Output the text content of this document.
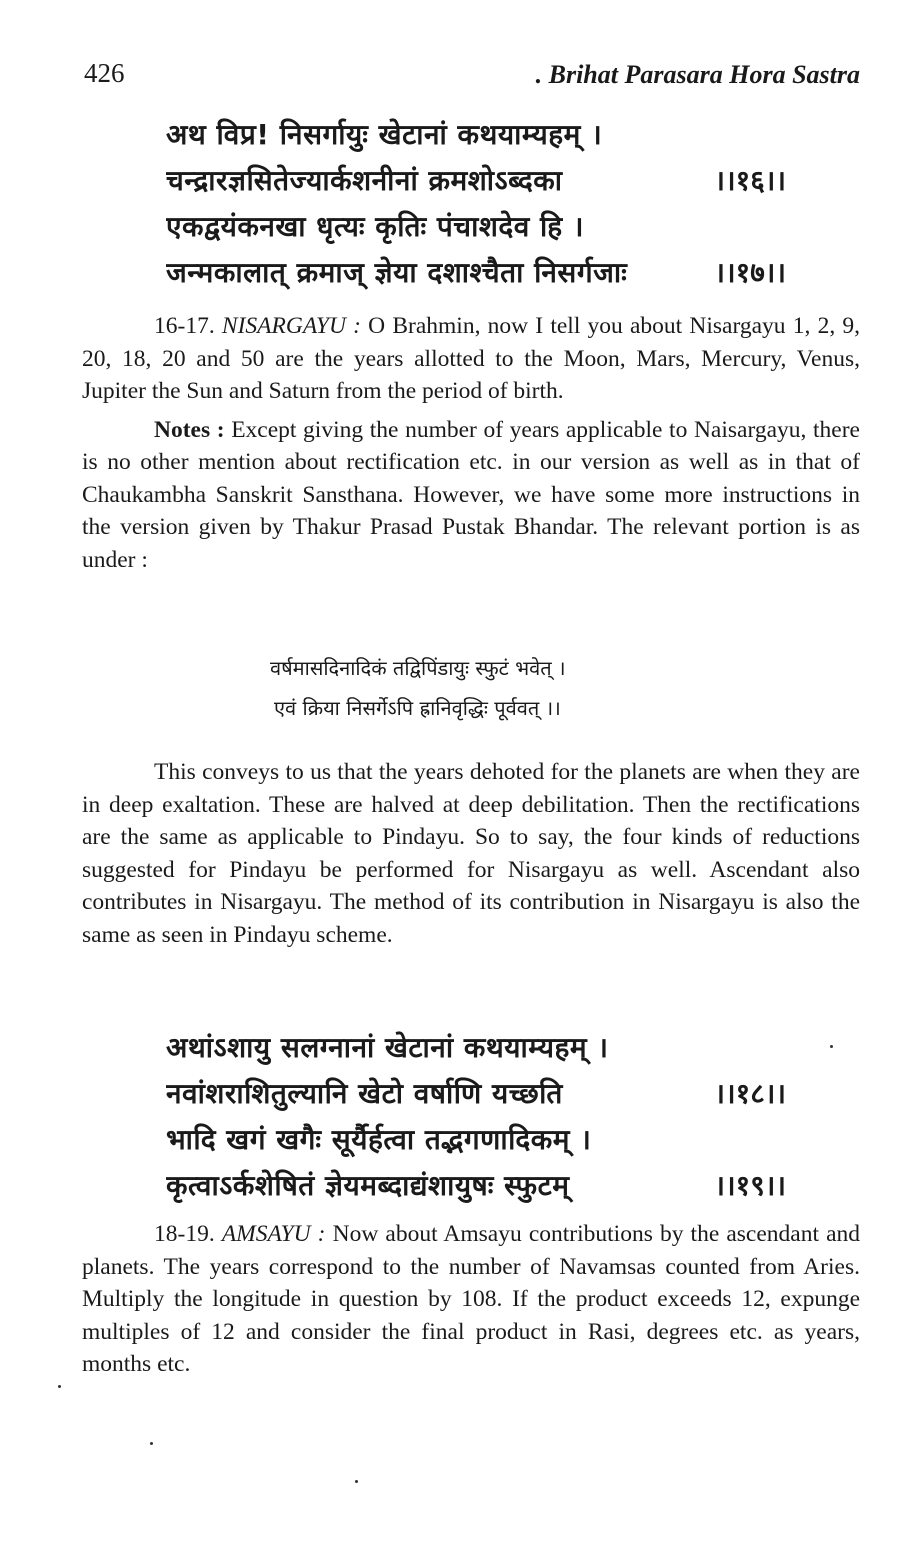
426	. Brihat Parasara Hora Sastra
अथ विप्र! निसर्गायुः खेटानां कथयाम्यहम् ।
चन्द्रारज्ञसितेज्यार्कशनीनां क्रमशोऽब्दका	।।१६।।
एकद्वयंकनखा धृत्यः कृतिः पंचाशदेव हि ।
जन्मकालात् क्रमाज् ज्ञेया दशाश्चैता निसर्गजाः	।।१७।।

16-17. NISARGAYU : O Brahmin, now I tell you about Nisargayu 1, 2, 9, 20, 18, 20 and 50 are the years allotted to the Moon, Mars, Mercury, Venus, Jupiter the Sun and Saturn from the period of birth.

Notes : Except giving the number of years applicable to Naisargayu, there is no other mention about rectification etc. in our version as well as in that of Chaukambha Sanskrit Sansthana. However, we have some more instructions in the version given by Thakur Prasad Pustak Bhandar. The relevant portion is as under :

वर्षमासदिनादिकं तद्विपिंडायुः स्फुटं भवेत् ।
एवं क्रिया निसर्गेऽपि ह्रानिवृद्धिः पूर्ववत् ।।

This conveys to us that the years dehoted for the planets are when they are in deep exaltation. These are halved at deep debilitation. Then the rectifications are the same as applicable to Pindayu. So to say, the four kinds of reductions suggested for Pindayu be performed for Nisargayu as well. Ascendant also contributes in Nisargayu. The method of its contribution in Nisargayu is also the same as seen in Pindayu scheme.

अथांऽशायु सलग्नानां खेटानां कथयाम्यहम् ।
नवांशराशितुल्यानि खेटो वर्षाणि यच्छति	।।१८।।
भादि खगं खगैः सूर्यैर्हत्वा तद्भगणादिकम् ।
कृत्वाऽर्कशेषितं ज्ञेयमब्दाद्यंशायुषः स्फुटम्	।।१९।।

18-19. AMSAYU : Now about Amsayu contributions by the ascendant and planets. The years correspond to the number of Navamsas counted from Aries. Multiply the longitude in question by 108. If the product exceeds 12, expunge multiples of 12 and consider the final product in Rasi, degrees etc. as years, months etc.
